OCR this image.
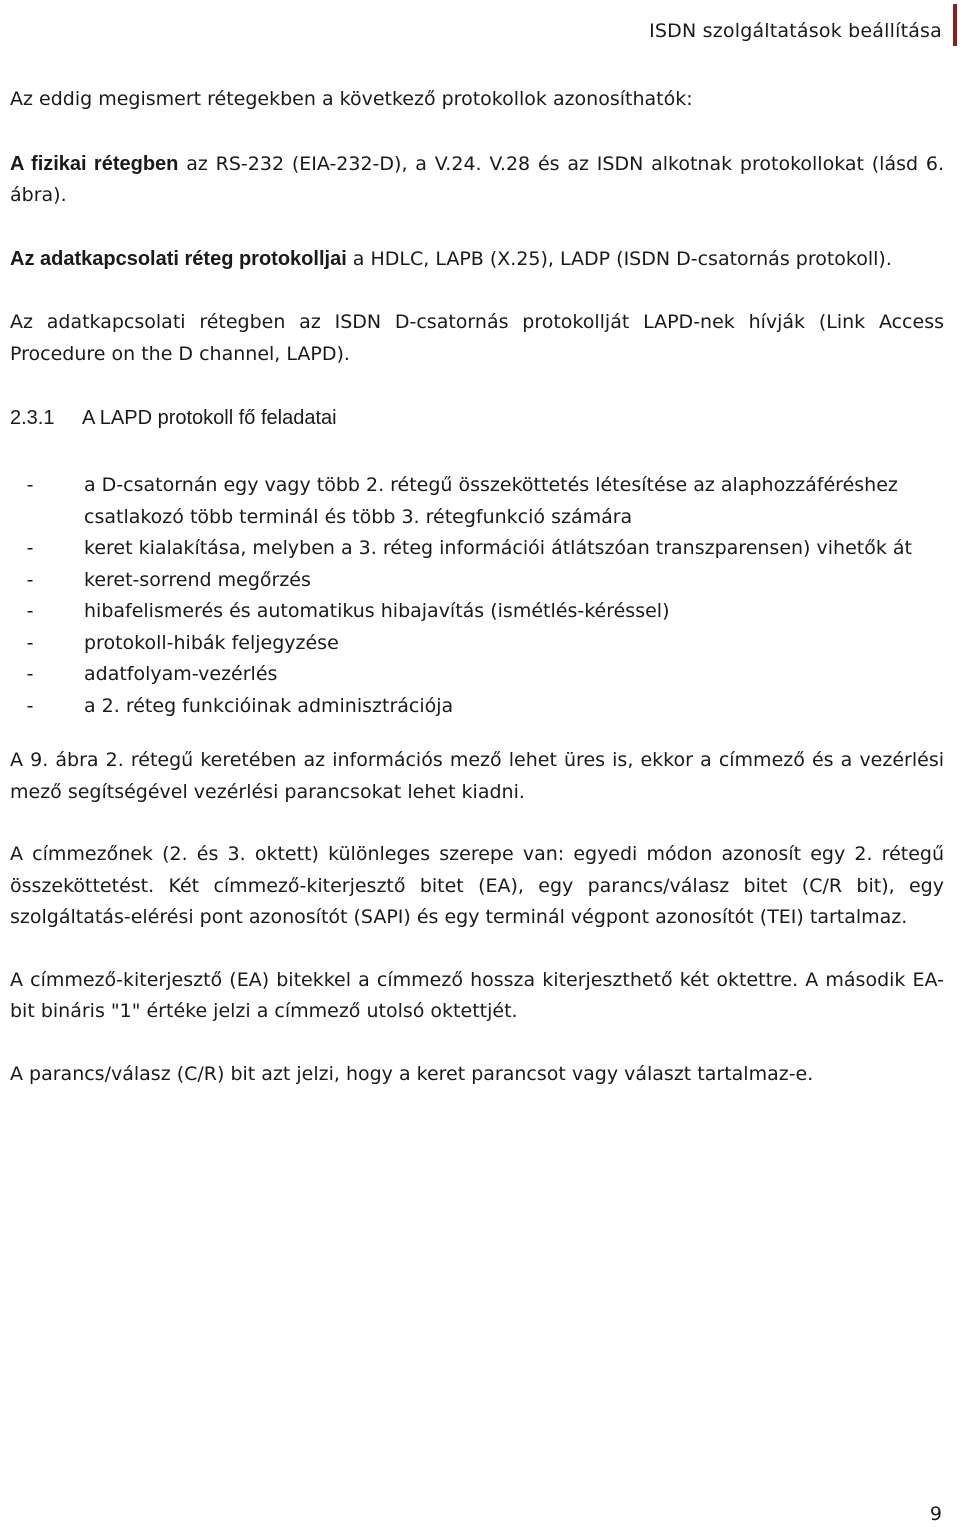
ISDN szolgáltatások beállítása

Az eddig megismert rétegekben a következő protokollok azonosíthatók:

A fizikai rétegben az RS-232 (EIA-232-D), a V.24. V.28 és az ISDN alkotnak protokollokat (lásd 6. ábra).

Az adatkapcsolati réteg protokolljai a HDLC, LAPB (X.25), LADP (ISDN D-csatornás protokoll).

Az adatkapcsolati rétegben az ISDN D-csatornás protokollját LAPD-nek hívják (Link Access Procedure on the D channel, LAPD).

2.3.1	A LAPD protokoll fő feladatai
-	a D-csatornán egy vagy több 2. rétegű összeköttetés létesítése az alaphozzáféréshez csatlakozó több terminál és több 3. rétegfunkció számára
-	keret kialakítása, melyben a 3. réteg információi átlátszóan transzparensen) vihetők át
-	keret-sorrend megőrzés
-	hibafelismerés és automatikus hibajavítás (ismétlés-kéréssel)
-	protokoll-hibák feljegyzése
-	adatfolyam-vezérlés
-	a 2. réteg funkcióinak adminisztrációja

A 9. ábra 2. rétegű keretében az információs mező lehet üres is, ekkor a címmező és a vezérlési mező segítségével vezérlési parancsokat lehet kiadni.

A címmezőnek (2. és 3. oktett) különleges szerepe van: egyedi módon azonosít egy 2. rétegű összeköttetést. Két címmező-kiterjesztő bitet (EA), egy parancs/válasz bitet (C/R bit), egy szolgáltatás-elérési pont azonosítót (SAPI) és egy terminál végpont azonosítót (TEI) tartalmaz.

A címmező-kiterjesztő (EA) bitekkel a címmező hossza kiterjeszthető két oktettre. A második EA-bit bináris "1" értéke jelzi a címmező utolsó oktettjét.

A parancs/válasz (C/R) bit azt jelzi, hogy a keret parancsot vagy választ tartalmaz-e.

9
